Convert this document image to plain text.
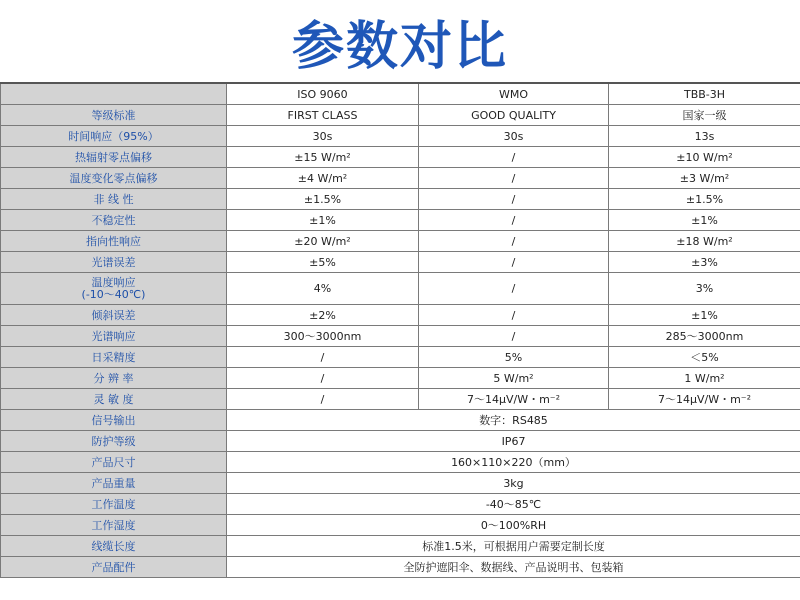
参数对比
	ISO 9060	WMO	TBB-3H
等级标准	FIRST CLASS	GOOD QUALITY	国家一级
时间响应（95%）	30s	30s	13s
热辐射零点偏移	±15 W/m²	/	±10 W/m²
温度变化零点偏移	±4 W/m²	/	±3 W/m²
非 线 性	±1.5%	/	±1.5%
不稳定性	±1%	/	±1%
指向性响应	±20 W/m²	/	±18 W/m²
光谱误差	±5%	/	±3%
温度响应
(-10～40℃)	4%	/	3%
倾斜误差	±2%	/	±1%
光谱响应	300～3000nm	/	285～3000nm
日采精度	/	5%	＜5%
分 辨 率	/	5 W/m²	1 W/m²
灵 敏 度	/	7～14μV/W・m⁻²	7～14μV/W・m⁻²
信号输出	数字：RS485		
防护等级	IP67		
产品尺寸	160×110×220（mm）		
产品重量	3kg		
工作温度	-40～85℃		
工作湿度	0～100%RH		
线缆长度	标准1.5米，可根据用户需要定制长度		
产品配件	全防护遮阳伞、数据线、产品说明书、包装箱		
